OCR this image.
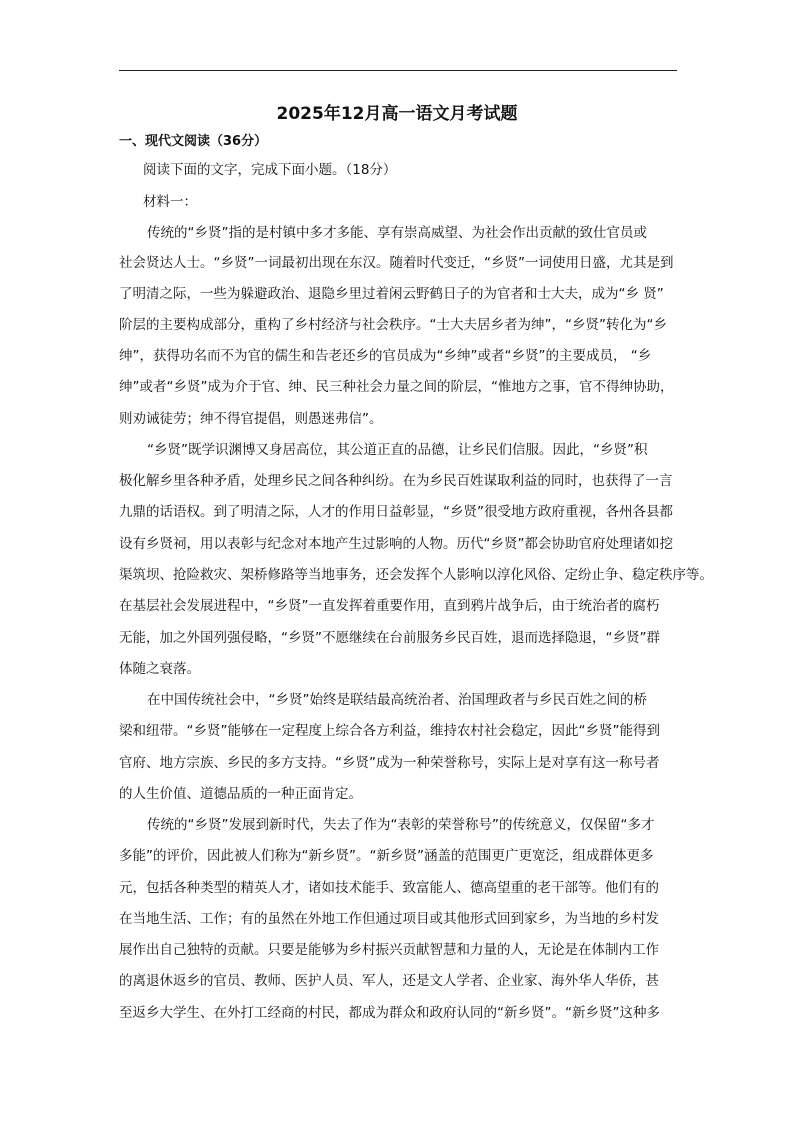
2025年12月高一语文月考试题
一、现代文阅读（36分）
阅读下面的文字，完成下面小题。（18分）
材料一：
传统的“乡贤”指的是村镇中多才多能、享有崇高威望、为社会作出贡献的致仕官员或
社会贤达人士。“乡贤”一词最初出现在东汉。随着时代变迁，“乡贤”一词使用日盛，尤其是到
了明清之际，一些为躲避政治、退隐乡里过着闲云野鹤日子的为官者和士大夫，成为“乡 贤”
阶层的主要构成部分，重构了乡村经济与社会秩序。“士大夫居乡者为绅”，“乡贤”转化为“乡
绅”，获得功名而不为官的儒生和告老还乡的官员成为“乡绅”或者“乡贤”的主要成员， “乡
绅”或者“乡贤”成为介于官、绅、民三种社会力量之间的阶层，“惟地方之事，官不得绅协助，
则劝诫徒劳；绅不得官提倡，则愚迷弗信”。
“乡贤”既学识渊博又身居高位，其公道正直的品德，让乡民们信服。因此，“乡贤”积
极化解乡里各种矛盾，处理乡民之间各种纠纷。在为乡民百姓谋取利益的同时，也获得了一言
九鼎的话语权。到了明清之际，人才的作用日益彰显，“乡贤”很受地方政府重视，各州各县都
设有乡贤祠，用以表彰与纪念对本地产生过影响的人物。历代“乡贤”都会协助官府处理诸如挖
渠筑坝、抢险救灾、架桥修路等当地事务，还会发挥个人影响以淳化风俗、定纷止争、稳定秩序等。
在基层社会发展进程中，“乡贤”一直发挥着重要作用，直到鸦片战争后，由于统治者的腐朽
无能，加之外国列强侵略，“乡贤”不愿继续在台前服务乡民百姓，退而选择隐退，“乡贤”群
体随之衰落。
在中国传统社会中，“乡贤”始终是联结最高统治者、治国理政者与乡民百姓之间的桥
梁和纽带。“乡贤”能够在一定程度上综合各方利益，维持农村社会稳定，因此“乡贤”能得到
官府、地方宗族、乡民的多方支持。“乡贤”成为一种荣誉称号，实际上是对享有这一称号者
的人生价值、道德品质的一种正面肯定。
传统的“乡贤”发展到新时代，失去了作为“表彰的荣誉称号”的传统意义，仅保留“多才
多能”的评价，因此被人们称为“新乡贤”。“新乡贤”涵盖的范围更广更宽泛，组成群体更多
元，包括各种类型的精英人才，诸如技术能手、致富能人、德高望重的老干部等。他们有的
在当地生活、工作；有的虽然在外地工作但通过项目或其他形式回到家乡，为当地的乡村发
展作出自己独特的贡献。只要是能够为乡村振兴贡献智慧和力量的人，无论是在体制内工作
的离退休返乡的官员、教师、医护人员、军人，还是文人学者、企业家、海外华人华侨，甚
至返乡大学生、在外打工经商的村民，都成为群众和政府认同的“新乡贤”。“新乡贤”这种多
